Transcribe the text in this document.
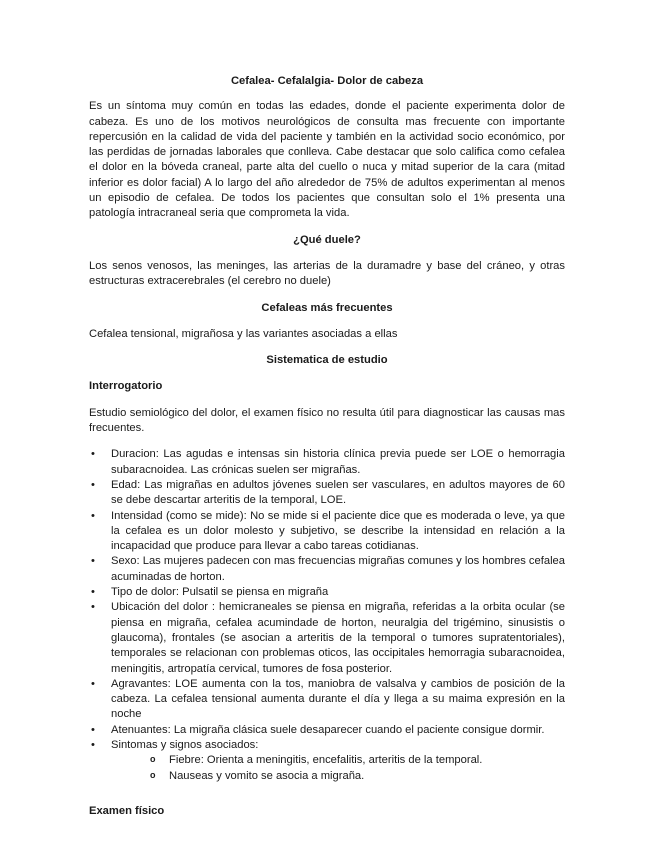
Cefalea- Cefalalgia- Dolor de cabeza

Es un síntoma muy común en todas las edades, donde el paciente experimenta dolor de cabeza. Es uno de los motivos neurológicos de consulta mas frecuente con importante repercusión en la calidad de vida del paciente y también en la actividad socio económico, por las perdidas de jornadas laborales que conlleva. Cabe destacar que solo califica como cefalea el dolor en la bóveda craneal, parte alta del cuello o nuca y mitad superior de la cara (mitad inferior es dolor facial) A lo largo del año alrededor de 75% de adultos experimentan al menos un episodio de cefalea. De todos los pacientes que consultan solo el 1% presenta una patología intracraneal seria que comprometa la vida.

¿Qué duele?

Los senos venosos, las meninges, las arterias de la duramadre y base del cráneo, y otras estructuras extracerebrales (el cerebro no duele)

Cefaleas más frecuentes

Cefalea tensional, migrañosa y las variantes asociadas a ellas

Sistematica de estudio

Interrogatorio

Estudio semiológico del dolor, el examen físico no resulta útil para diagnosticar las causas mas frecuentes.

• Duracion: Las agudas e intensas sin historia clínica previa puede ser LOE o hemorragia subaracnoidea. Las crónicas suelen ser migrañas.
• Edad: Las migrañas en adultos jóvenes suelen ser vasculares, en adultos mayores de 60 se debe descartar arteritis de la temporal, LOE.
• Intensidad (como se mide): No se mide si el paciente dice que es moderada o leve, ya que la cefalea es un dolor molesto y subjetivo, se describe la intensidad en relación a la incapacidad que produce para llevar a cabo tareas cotidianas.
• Sexo: Las mujeres padecen con mas frecuencias migrañas comunes y los hombres cefalea acuminadas de horton.
• Tipo de dolor: Pulsatil se piensa en migraña
• Ubicación del dolor : hemicraneales se piensa en migraña, referidas a la orbita ocular (se piensa en migraña, cefalea acumindade de horton, neuralgia del trigémino, sinusistis o glaucoma), frontales (se asocian a arteritis de la temporal o tumores supratentoriales), temporales se relacionan con problemas oticos, las occipitales hemorragia subaracnoidea, meningitis, artropatía cervical, tumores de fosa posterior.
• Agravantes: LOE aumenta con la tos, maniobra de valsalva y cambios de posición de la cabeza. La cefalea tensional aumenta durante el día y llega a su maima expresión en la noche
• Atenuantes: La migraña clásica suele desaparecer cuando el paciente consigue dormir.
• Sintomas y signos asociados:
o Fiebre: Orienta a meningitis, encefalitis, arteritis de la temporal.
o Nauseas y vomito se asocia a migraña.

Examen físico
